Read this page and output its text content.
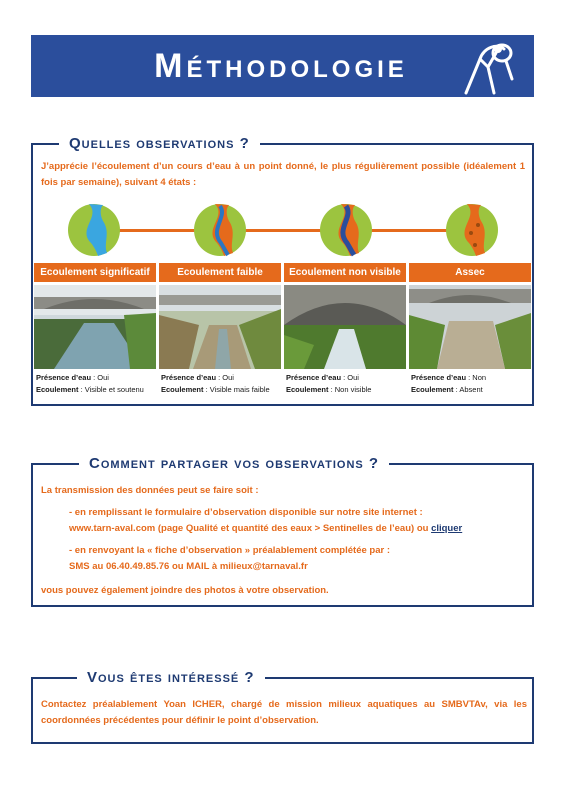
Méthodologie
Quelles observations ?
J’apprécie l’écoulement d’un cours d’eau à un point donné, le plus régulièrement possible (idéalement 1 fois par semaine), suivant 4 états :
Ecoulement significatif
Présence d’eau : Oui
Ecoulement : Visible et soutenu
Ecoulement faible
Présence d’eau : Oui
Ecoulement : Visible mais faible
Ecoulement non visible
Présence d’eau : Oui
Ecoulement : Non visible
Assec
Présence d’eau : Non
Ecoulement : Absent
Comment partager vos observations ?
La transmission des données peut se faire soit :
- en remplissant le formulaire d’observation disponible sur notre site internet :
www.tarn-aval.com (page Qualité et quantité des eaux > Sentinelles de l’eau) ou cliquer
- en renvoyant la « fiche d’observation » préalablement complétée par :
SMS au 06.40.49.85.76 ou MAIL à milieux@tarnaval.fr
vous pouvez également joindre des photos à votre observation.
Vous êtes intéressé ?
Contactez préalablement Yoan ICHER, chargé de mission milieux aquatiques au SMBVTAv, via les coordonnées précédentes pour définir le point d’observation.
